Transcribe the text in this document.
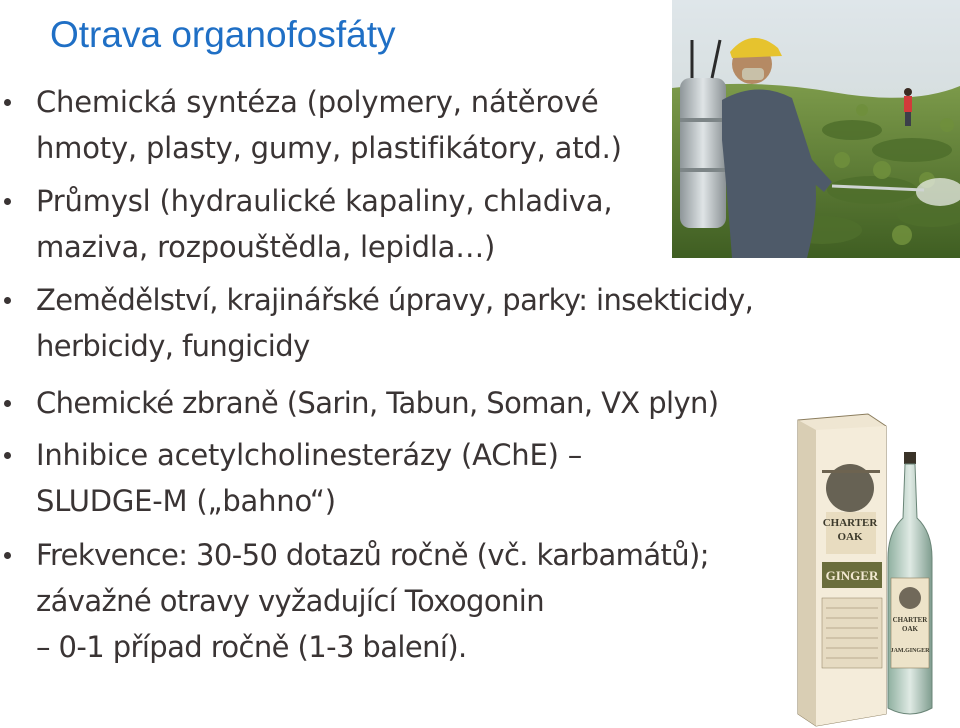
Otrava organofosfáty
Chemická syntéza (polymery, nátěrové
hmoty, plasty, gumy, plastifikátory, atd.)
Průmysl (hydraulické kapaliny, chladiva,
maziva, rozpouštědla, lepidla…)
Zemědělství, krajinářské úpravy, parky: insekticidy,
herbicidy, fungicidy
Chemické zbraně (Sarin, Tabun, Soman, VX plyn)
Inhibice acetylcholinesterázy (AChE) –
SLUDGE-M („bahno“)
Frekvence: 30-50 dotazů ročně (vč. karbamátů);
závažné otravy vyžadující Toxogonin
– 0-1 případ ročně (1-3 balení).
CHARTER
OAK
GINGER
CHARTER
OAK
JAM.GINGER
